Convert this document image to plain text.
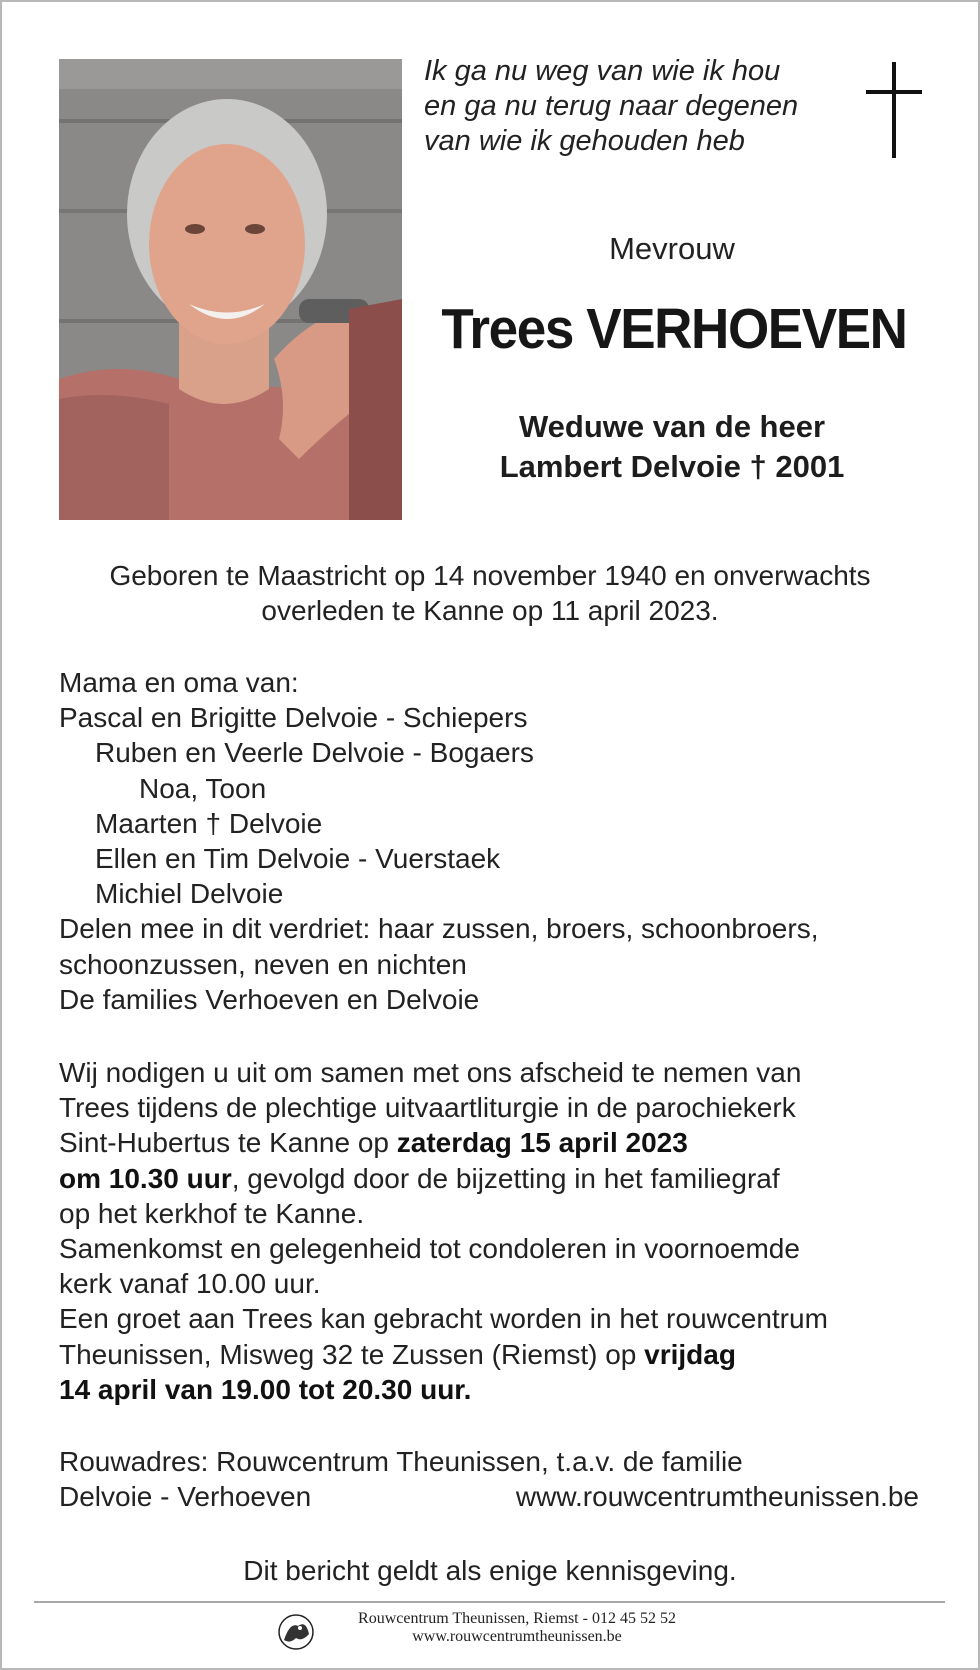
Ik ga nu weg van wie ik hou
en ga nu terug naar degenen
van wie ik gehouden heb
Mevrouw
Trees VERHOEVEN
Weduwe van de heer
Lambert Delvoie † 2001
Geboren te Maastricht op 14 november 1940 en onverwachts
overleden te Kanne op 11 april 2023.
Mama en oma van:
Pascal en Brigitte Delvoie - Schiepers
Ruben en Veerle Delvoie - Bogaers
Noa, Toon
Maarten † Delvoie
Ellen en Tim Delvoie - Vuerstaek
Michiel Delvoie
Delen mee in dit verdriet: haar zussen, broers, schoonbroers,
schoonzussen, neven en nichten
De families Verhoeven en Delvoie
Wij nodigen u uit om samen met ons afscheid te nemen van
Trees tijdens de plechtige uitvaartliturgie in de parochiekerk
Sint-Hubertus te Kanne op zaterdag 15 april 2023
om 10.30 uur, gevolgd door de bijzetting in het familiegraf
op het kerkhof te Kanne.
Samenkomst en gelegenheid tot condoleren in voornoemde
kerk vanaf 10.00 uur.
Een groet aan Trees kan gebracht worden in het rouwcentrum
Theunissen, Misweg 32 te Zussen (Riemst) op vrijdag
14 april van 19.00 tot 20.30 uur.
Rouwadres: Rouwcentrum Theunissen, t.a.v. de familie
Delvoie - Verhoeven	www.rouwcentrumtheunissen.be
Dit bericht geldt als enige kennisgeving.
Rouwcentrum Theunissen, Riemst - 012 45 52 52
www.rouwcentrumtheunissen.be
